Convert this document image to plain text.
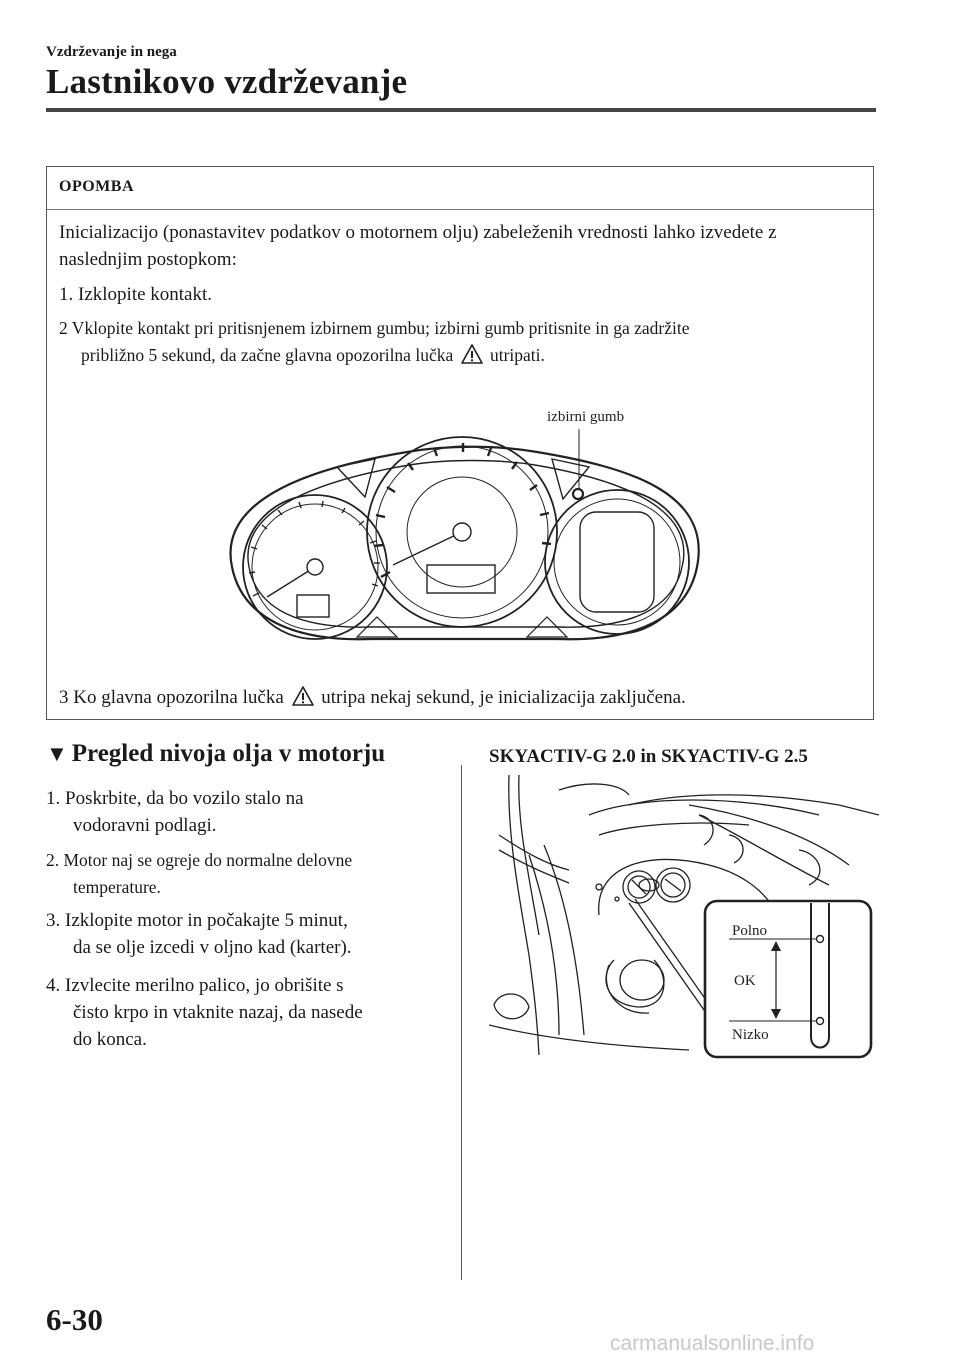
Vzdrževanje in nega
Lastnikovo vzdrževanje
OPOMBA
Inicializacijo (ponastavitev podatkov o motornem olju) zabeleženih vrednosti lahko izvedete z naslednjim postopkom:
1. Izklopite kontakt.
2 Vklopite kontakt pri pritisnjenem izbirnem gumbu; izbirni gumb pritisnite in ga zadržite
približno 5 sekund, da začne glavna opozorilna lučka utripati.
izbirni gumb
3 Ko glavna opozorilna lučka utripa nekaj sekund, je inicializacija zaključena.
▼ Pregled nivoja olja v motorju
1. Poskrbite, da bo vozilo stalo na
vodoravni podlagi.
2. Motor naj se ogreje do normalne delovne
temperature.
3. Izklopite motor in počakajte 5 minut,
da se olje izcedi v oljno kad (karter).
4. Izvlecite merilno palico, jo obrišite s
čisto krpo in vtaknite nazaj, da nasede
do konca.
SKYACTIV-G 2.0 in SKYACTIV-G 2.5
Polno
OK
Nizko
6-30
carmanualsonline.info
